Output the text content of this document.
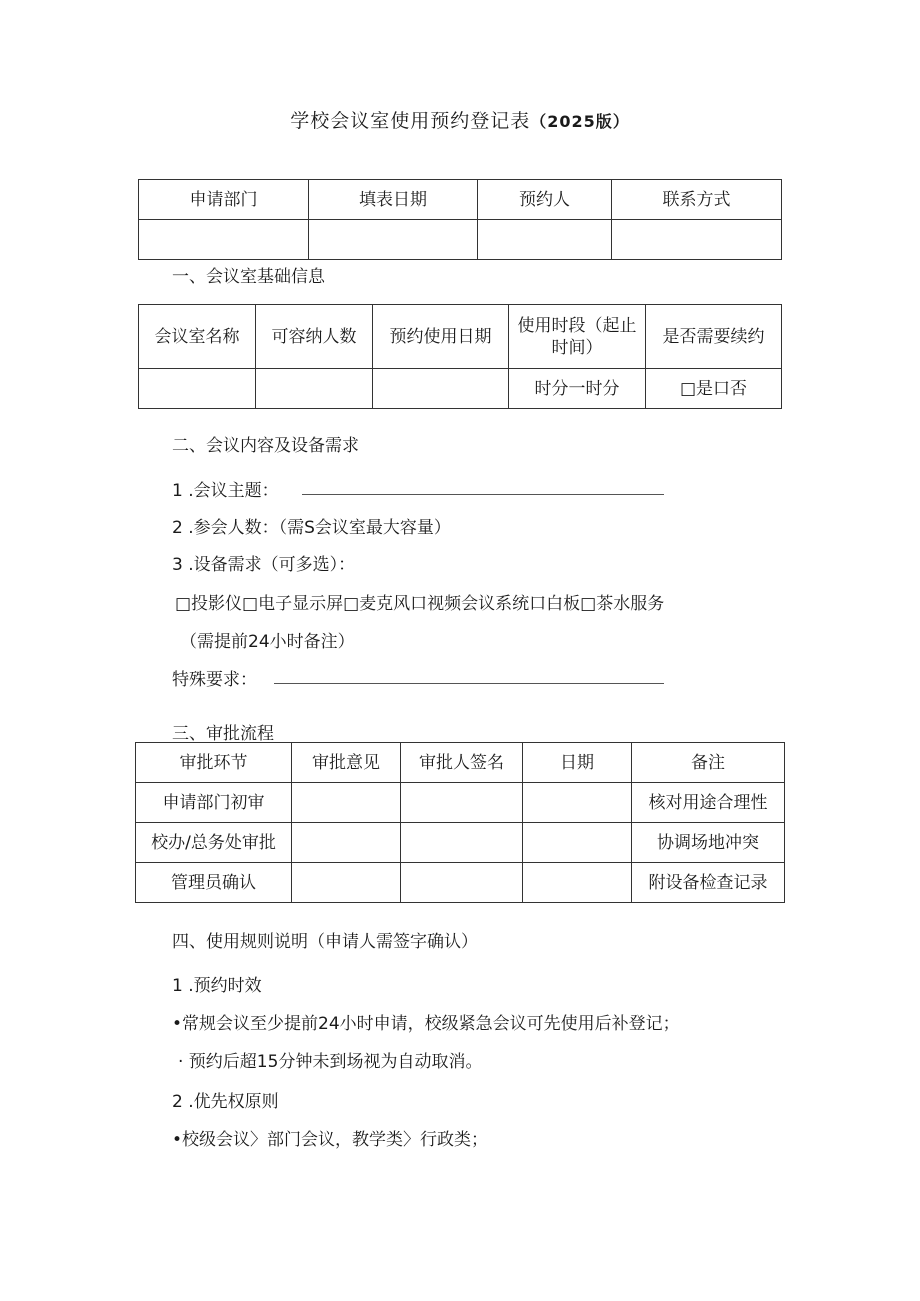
学校会议室使用预约登记表（2025版）
申请部门	填表日期	预约人	联系方式

一、会议室基础信息
会议室名称	可容纳人数	预约使用日期	使用时段（起止时间）	是否需要续约
			时分一时分	□是口否
二、会议内容及设备需求
1 .会议主题：
2 .参会人数：（需S会议室最大容量）
3 .设备需求（可多选）：
□投影仪□电子显示屏□麦克风口视频会议系统口白板□茶水服务
（需提前24小时备注）
特殊要求：
三、审批流程
审批环节	审批意见	审批人签名	日期	备注
申请部门初审				核对用途合理性
校办/总务处审批				协调场地冲突
管理员确认				附设备检查记录
四、使用规则说明（申请人需签字确认）
1 .预约时效
•常规会议至少提前24小时申请，校级紧急会议可先使用后补登记；
· 预约后超15分钟未到场视为自动取消。
2 .优先权原则
•校级会议〉部门会议，教学类〉行政类；
